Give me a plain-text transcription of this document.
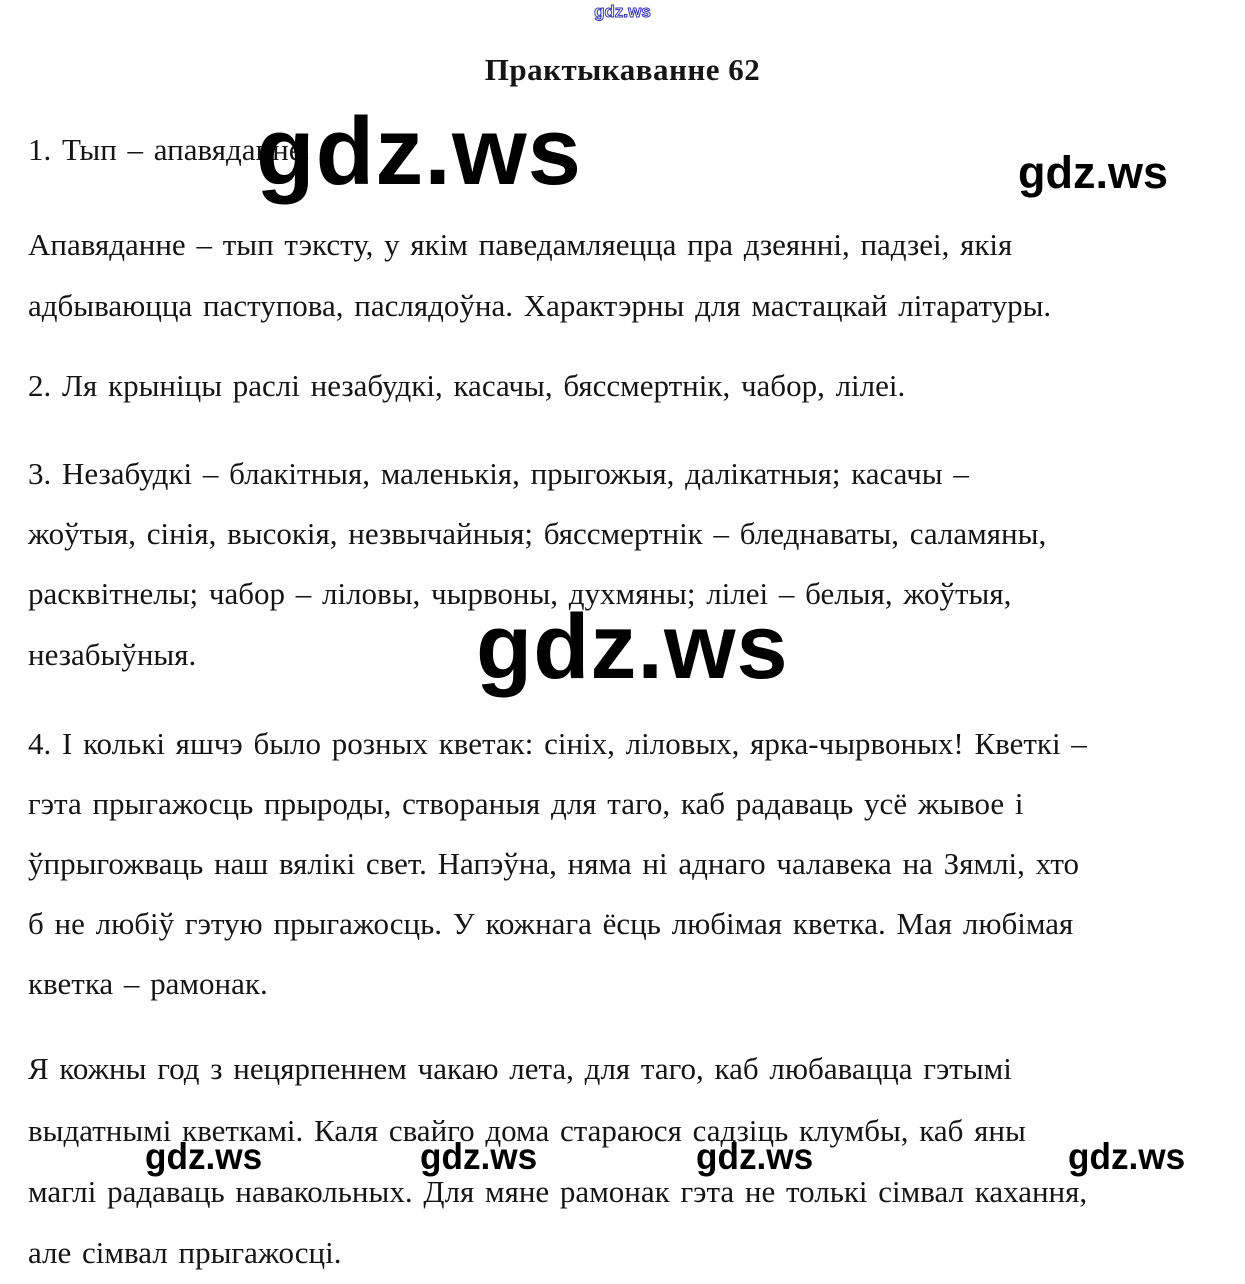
gdz.ws
Практыкаванне 62
1. Тып – апавяданне.
gdz.ws	gdz.ws
Апавяданне – тып тэксту, у якім паведамляецца пра дзеянні, падзеі, якія
адбываюцца паступова, паслядоўна. Характэрны для мастацкай літаратуры.
2. Ля крыніцы раслі незабудкі, касачы, бяссмертнік, чабор, лілеі.
3. Незабудкі – блакітныя, маленькія, прыгожыя, далікатныя; касачы –
жоўтыя, сінія, высокія, незвычайныя; бяссмертнік – бледнаваты, саламяны,
расквітнелы; чабор – ліловы, чырвоны, духмяны; лілеі – белыя, жоўтыя,
незабыўныя.	gdz.ws
4. І колькі яшчэ было розных кветак: сініх, ліловых, ярка-чырвоных! Кветкі –
гэта прыгажосць прыроды, створаныя для таго, каб радаваць усё жывое і
ўпрыгожваць наш вялікі свет. Напэўна, няма ні аднаго чалавека на Зямлі, хто
б не любіў гэтую прыгажосць. У кожнага ёсць любімая кветка. Мая любімая
кветка – рамонак.
Я кожны год з нецярпеннем чакаю лета, для таго, каб любавацца гэтымі
выдатнымі кветкамі. Каля свайго дома стараюся садзіць клумбы, каб яны
gdz.ws	gdz.ws	gdz.ws	gdz.ws
маглі радаваць навакольных. Для мяне рамонак гэта не толькі сімвал кахання,
але сімвал прыгажосці.
